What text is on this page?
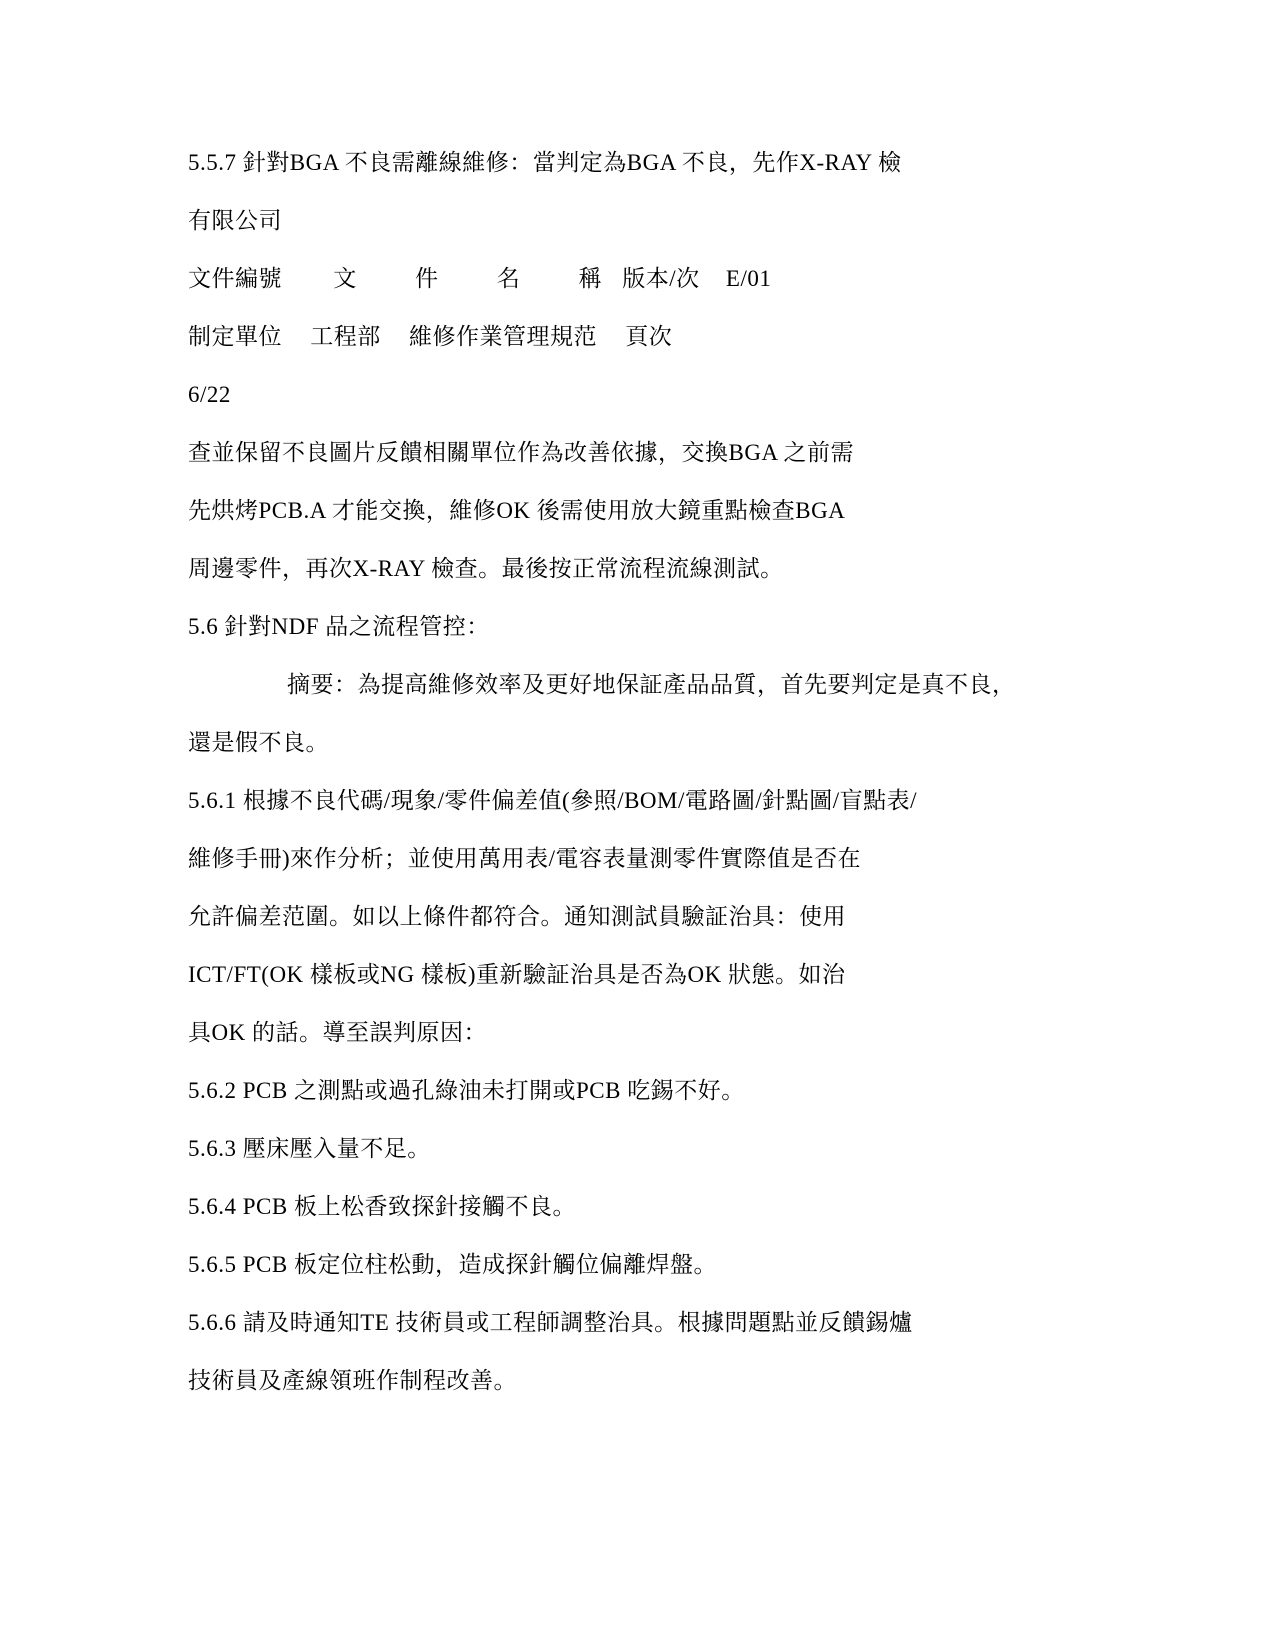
5.5.7 針對BGA 不良需離線維修：當判定為BGA 不良，先作X-RAY 檢
有限公司
文件編號 文	件	名	稱 版本/次 E/01
制定單位 工程部 維修作業管理規范 頁次
6/22
查並保留不良圖片反饋相關單位作為改善依據，交換BGA 之前需
先烘烤PCB.A 才能交換，維修OK 後需使用放大鏡重點檢查BGA
周邊零件，再次X-RAY 檢查。最後按正常流程流線測試。
5.6 針對NDF 品之流程管控：
摘要：為提高維修效率及更好地保証產品品質，首先要判定是真不良，
還是假不良。
5.6.1 根據不良代碼/現象/零件偏差值(參照/BOM/電路圖/針點圖/盲點表/
維修手冊)來作分析；並使用萬用表/電容表量測零件實際值是否在
允許偏差范圍。如以上條件都符合。通知測試員驗証治具：使用
ICT/FT(OK 樣板或NG 樣板)重新驗証治具是否為OK 狀態。如治
具OK 的話。導至誤判原因：
5.6.2 PCB 之測點或過孔綠油未打開或PCB 吃錫不好。
5.6.3 壓床壓入量不足。
5.6.4 PCB 板上松香致探針接觸不良。
5.6.5 PCB 板定位柱松動，造成探針觸位偏離焊盤。
5.6.6 請及時通知TE 技術員或工程師調整治具。根據問題點並反饋錫爐
技術員及產線領班作制程改善。
